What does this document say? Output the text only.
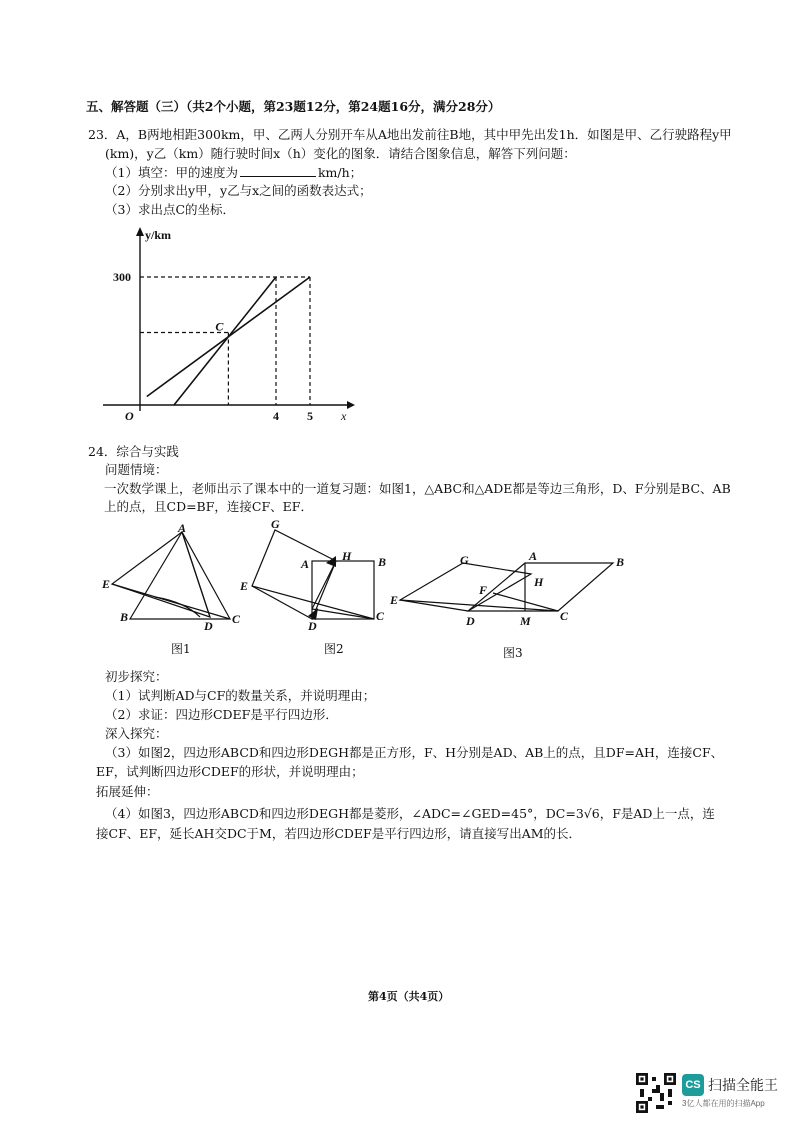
五、解答题（三）（共2个小题，第23题12分，第24题16分，满分28分）
23．A，B两地相距300km，甲、乙两人分别开车从A地出发前往B地，其中甲先出发1h．如图是甲、乙行驶路程y甲
(km)，y乙（km）随行驶时间x（h）变化的图象．请结合图象信息，解答下列问题：
（1）填空：甲的速度为	km/h；
（2）分别求出y甲，y乙与x之间的函数表达式；
（3）求出点C的坐标．
y/km
x
O	4 5
300
C
24．综合与实践
问题情境：
一次数学课上，老师出示了课本中的一道复习题：如图1，△ABC和△ADE都是等边三角形，D、F分别是BC、AB
上的点，且CD=BF，连接CF、EF．
A
E
B
D C
图1
G
H B
A
E
D
C
图2
G	A	B
F
H
E
D	M C
图3
初步探究：
（1）试判断AD与CF的数量关系，并说明理由；
（2）求证：四边形CDEF是平行四边形．
深入探究：
（3）如图2，四边形ABCD和四边形DEGH都是正方形，F、H分别是AD、AB上的点，且DF=AH，连接CF、
EF，试判断四边形CDEF的形状，并说明理由；
拓展延伸：
（4）如图3，四边形ABCD和四边形DEGH都是菱形，∠ADC=∠GED=45°，DC=3√6，F是AD上一点，连
接CF、EF，延长AH交DC于M，若四边形CDEF是平行四边形，请直接写出AM的长．
第4页（共4页）
CS 扫描全能王
3亿人都在用的扫描App
